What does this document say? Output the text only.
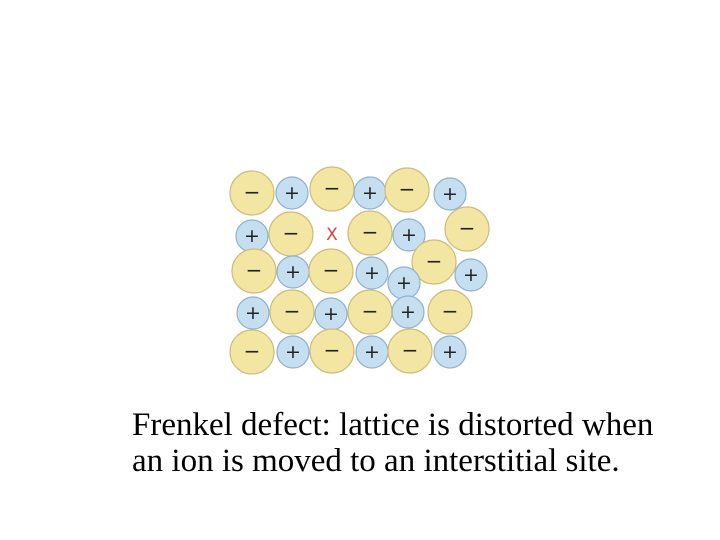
− + − + − +
+ −	− + −
− + − + −
+	+
+ − + − + −
− + − + − +
X
Frenkel defect: lattice is distorted when
an ion is moved to an interstitial site.
